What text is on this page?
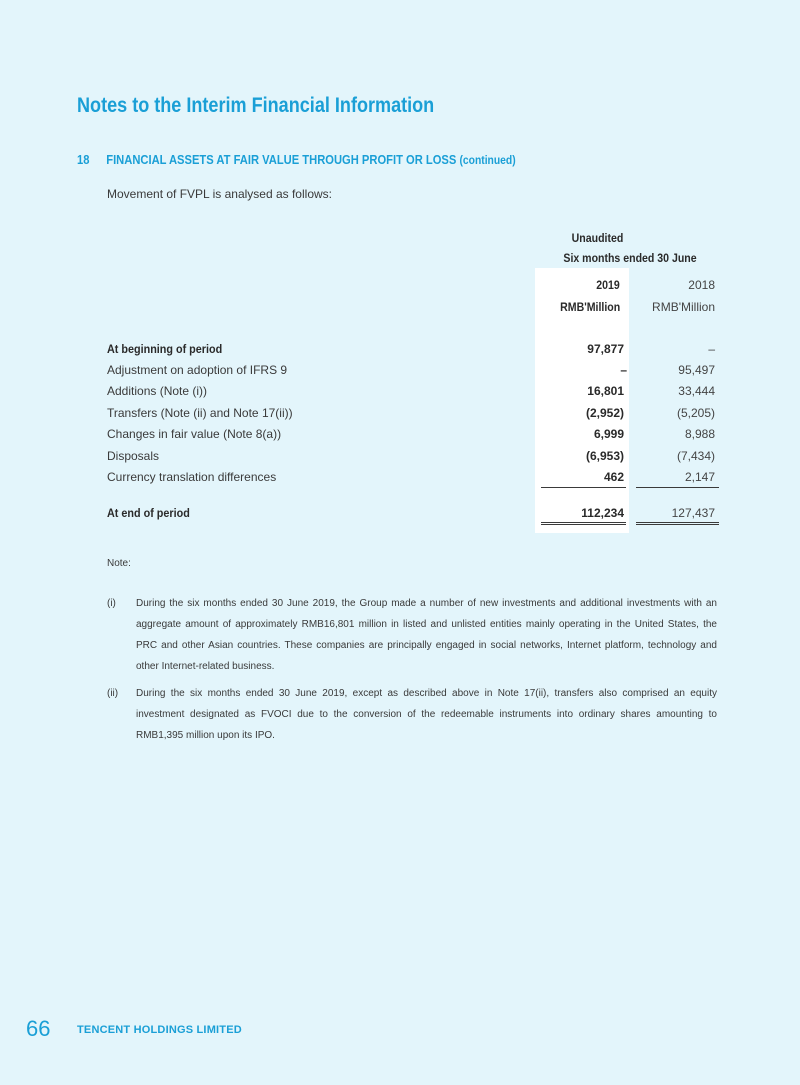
Notes to the Interim Financial Information
18 FINANCIAL ASSETS AT FAIR VALUE THROUGH PROFIT OR LOSS (continued)
Movement of FVPL is analysed as follows:
Unaudited
Six months ended 30 June
2019	2018
RMB'Million	RMB'Million
At beginning of period	97,877	–
Adjustment on adoption of IFRS 9	–	95,497
Additions (Note (i))	16,801	33,444
Transfers (Note (ii) and Note 17(ii))	(2,952)	(5,205)
Changes in fair value (Note 8(a))	6,999	8,988
Disposals	(6,953)	(7,434)
Currency translation differences	462	2,147
At end of period	112,234	127,437
Note:
(i) During the six months ended 30 June 2019, the Group made a number of new investments and additional investments with an aggregate amount of approximately RMB16,801 million in listed and unlisted entities mainly operating in the United States, the PRC and other Asian countries. These companies are principally engaged in social networks, Internet platform, technology and other Internet-related business.
(ii) During the six months ended 30 June 2019, except as described above in Note 17(ii), transfers also comprised an equity investment designated as FVOCI due to the conversion of the redeemable instruments into ordinary shares amounting to RMB1,395 million upon its IPO.
66 TENCENT HOLDINGS LIMITED
